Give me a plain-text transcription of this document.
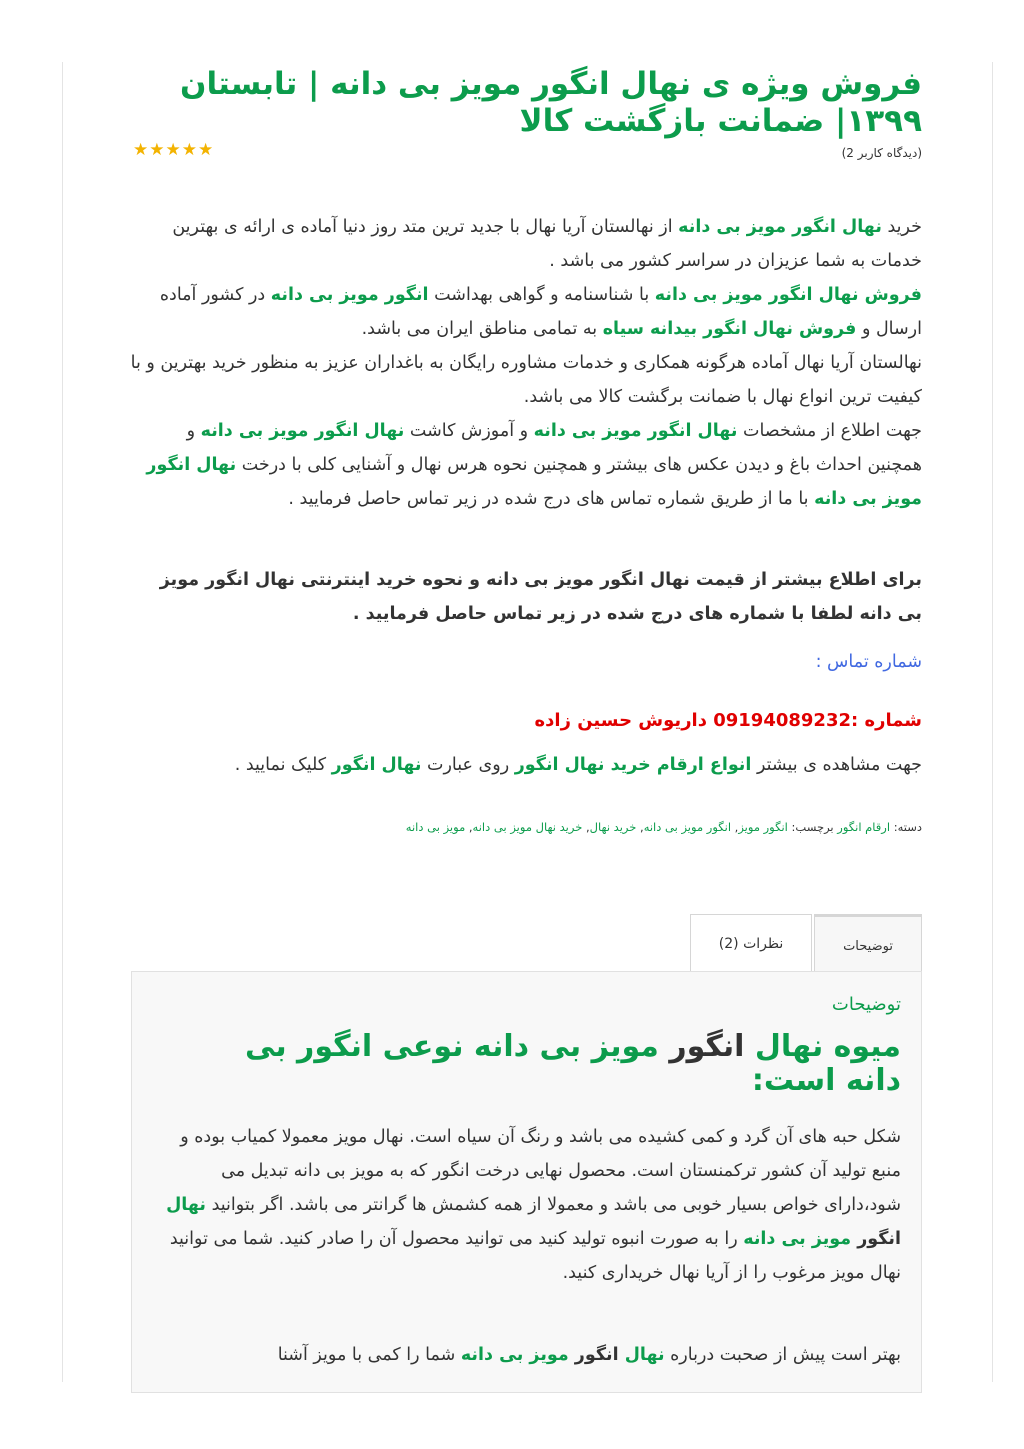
فروش ویژه ی نهال انگور مویز بی دانه | تابستان ۱۳۹۹| ضمانت بازگشت کالا
★★★★★	(دیدگاه کاربر 2)
خرید نهال انگور مویز بی دانه از نهالستان آریا نهال با جدید ترین متد روز دنیا آماده ی ارائه ی بهترین خدمات به شما عزیزان در سراسر کشور می باشد .
فروش نهال انگور مویز بی دانه با شناسنامه و گواهی بهداشت انگور مویز بی دانه در کشور آماده ارسال و فروش نهال انگور بیدانه سیاه به تمامی مناطق ایران می باشد.
نهالستان آریا نهال آماده هرگونه همکاری و خدمات مشاوره رایگان به باغداران عزیز به منظور خرید بهترین و با کیفیت ترین انواع نهال با ضمانت برگشت کالا می باشد.
جهت اطلاع از مشخصات نهال انگور مویز بی دانه و آموزش کاشت نهال انگور مویز بی دانه و همچنین احداث باغ و دیدن عکس های بیشتر و همچنین نحوه هرس نهال و آشنایی کلی با درخت نهال انگور مویز بی دانه با ما از طریق شماره تماس های درج شده در زیر تماس حاصل فرمایید .
برای اطلاع بیشتر از قیمت نهال انگور مویز بی دانه و نحوه خرید اینترنتی نهال انگور مویز بی دانه لطفا با شماره های درج شده در زیر تماس حاصل فرمایید .
شماره تماس :
شماره :09194089232 داریوش حسین زاده
جهت مشاهده ی بیشتر انواع ارقام خرید نهال انگور روی عبارت نهال انگور کلیک نمایید .
دسته: ارقام انگور برچسب: انگور مویز, انگور مویز بی دانه, خرید نهال, خرید نهال مویز بی دانه, مویز بی دانه
توضیحات
نظرات (2)
توضیحات
میوه نهال انگور مویز بی دانه نوعی انگور بی دانه است:
شکل حبه های آن گرد و کمی کشیده می باشد و رنگ آن سیاه است. نهال مویز معمولا کمیاب بوده و منبع تولید آن کشور ترکمنستان است. محصول نهایی درخت انگور که به مویز بی دانه تبدیل می شود،دارای خواص بسیار خوبی می باشد و معمولا از همه کشمش ها گرانتر می باشد. اگر بتوانید نهال انگور مویز بی دانه را به صورت انبوه تولید کنید می توانید محصول آن را صادر کنید. شما می توانید نهال مویز مرغوب را از آریا نهال خریداری کنید.
بهتر است پیش از صحبت درباره نهال انگور مویز بی دانه شما را کمی با مویز آشنا
